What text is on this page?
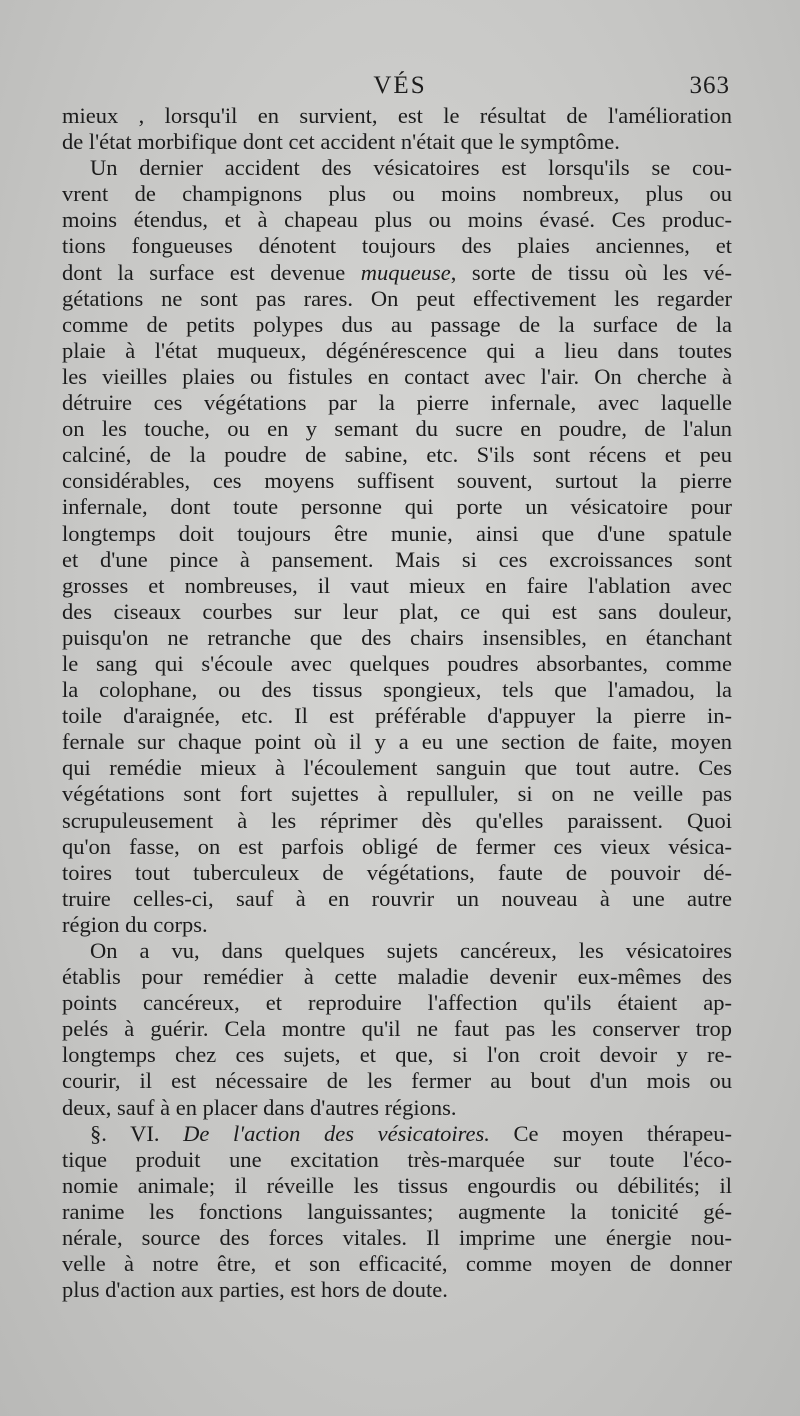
VÉS	363
mieux , lorsqu'il en survient, est le résultat de l'amélioration
de l'état morbifique dont cet accident n'était que le symptôme.
Un dernier accident des vésicatoires est lorsqu'ils se cou-
vrent de champignons plus ou moins nombreux, plus ou
moins étendus, et à chapeau plus ou moins évasé. Ces produc-
tions fongueuses dénotent toujours des plaies anciennes, et
dont la surface est devenue muqueuse, sorte de tissu où les vé-
gétations ne sont pas rares. On peut effectivement les regarder
comme de petits polypes dus au passage de la surface de la
plaie à l'état muqueux, dégénérescence qui a lieu dans toutes
les vieilles plaies ou fistules en contact avec l'air. On cherche à
détruire ces végétations par la pierre infernale, avec laquelle
on les touche, ou en y semant du sucre en poudre, de l'alun
calciné, de la poudre de sabine, etc. S'ils sont récens et peu
considérables, ces moyens suffisent souvent, surtout la pierre
infernale, dont toute personne qui porte un vésicatoire pour
longtemps doit toujours être munie, ainsi que d'une spatule
et d'une pince à pansement. Mais si ces excroissances sont
grosses et nombreuses, il vaut mieux en faire l'ablation avec
des ciseaux courbes sur leur plat, ce qui est sans douleur,
puisqu'on ne retranche que des chairs insensibles, en étanchant
le sang qui s'écoule avec quelques poudres absorbantes, comme
la colophane, ou des tissus spongieux, tels que l'amadou, la
toile d'araignée, etc. Il est préférable d'appuyer la pierre in-
fernale sur chaque point où il y a eu une section de faite, moyen
qui remédie mieux à l'écoulement sanguin que tout autre. Ces
végétations sont fort sujettes à repulluler, si on ne veille pas
scrupuleusement à les réprimer dès qu'elles paraissent. Quoi
qu'on fasse, on est parfois obligé de fermer ces vieux vésica-
toires tout tuberculeux de végétations, faute de pouvoir dé-
truire celles-ci, sauf à en rouvrir un nouveau à une autre
région du corps.
On a vu, dans quelques sujets cancéreux, les vésicatoires
établis pour remédier à cette maladie devenir eux-mêmes des
points cancéreux, et reproduire l'affection qu'ils étaient ap-
pelés à guérir. Cela montre qu'il ne faut pas les conserver trop
longtemps chez ces sujets, et que, si l'on croit devoir y re-
courir, il est nécessaire de les fermer au bout d'un mois ou
deux, sauf à en placer dans d'autres régions.
§. VI. De l'action des vésicatoires. Ce moyen thérapeu-
tique produit une excitation très-marquée sur toute l'éco-
nomie animale; il réveille les tissus engourdis ou débilités; il
ranime les fonctions languissantes; augmente la tonicité gé-
nérale, source des forces vitales. Il imprime une énergie nou-
velle à notre être, et son efficacité, comme moyen de donner
plus d'action aux parties, est hors de doute.
